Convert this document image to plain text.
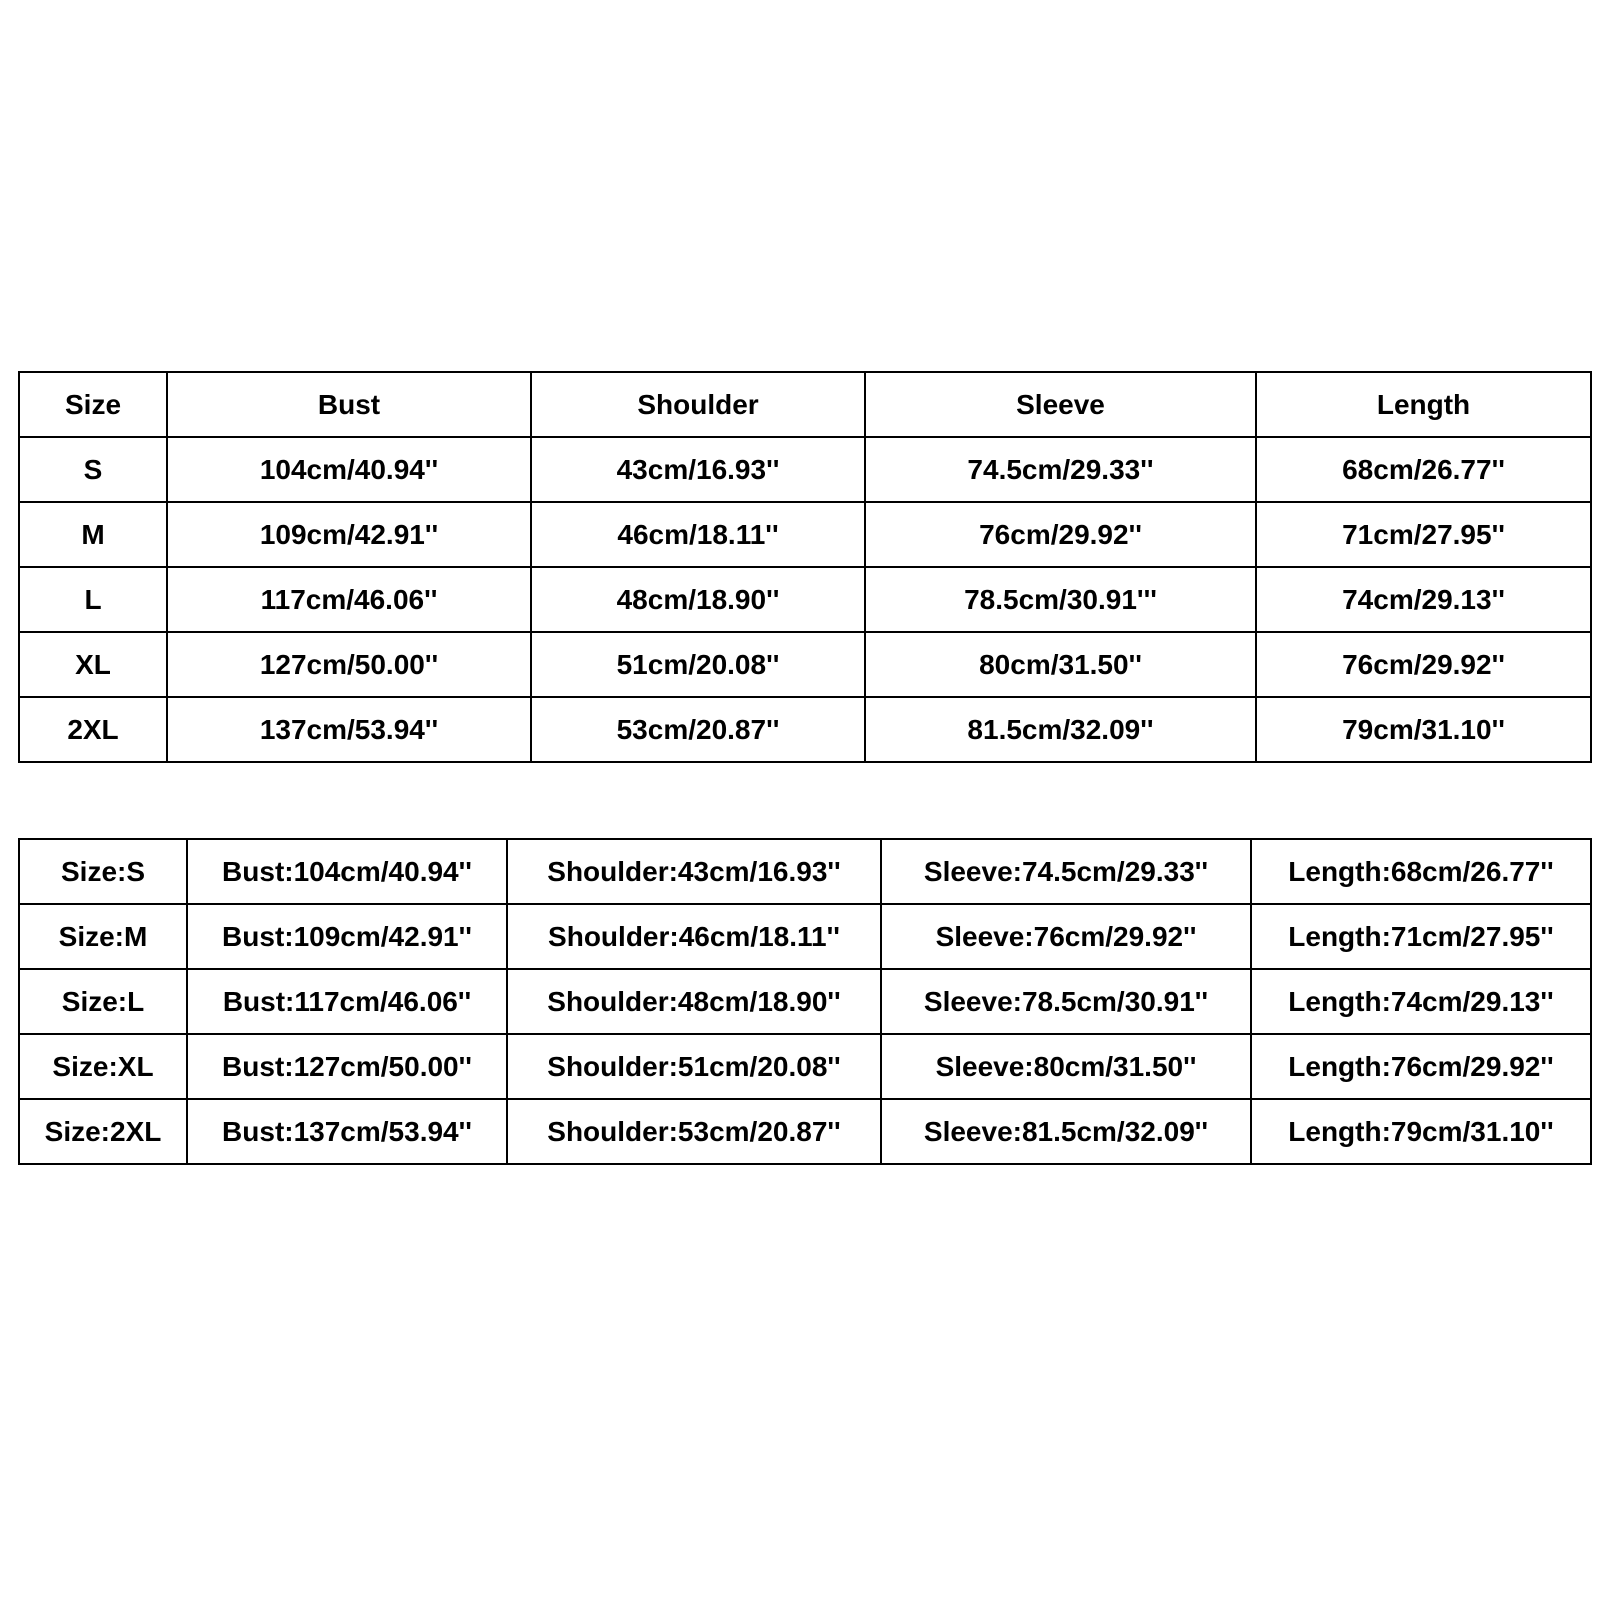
Size	Bust	Shoulder	Sleeve	Length
S	104cm/40.94''	43cm/16.93''	74.5cm/29.33''	68cm/26.77''
M	109cm/42.91''	46cm/18.11''	76cm/29.92''	71cm/27.95''
L	117cm/46.06''	48cm/18.90''	78.5cm/30.91'''	74cm/29.13''
XL	127cm/50.00''	51cm/20.08''	80cm/31.50''	76cm/29.92''
2XL	137cm/53.94''	53cm/20.87''	81.5cm/32.09''	79cm/31.10''
Size:S	Bust:104cm/40.94''	Shoulder:43cm/16.93''	Sleeve:74.5cm/29.33''	Length:68cm/26.77''
Size:M	Bust:109cm/42.91''	Shoulder:46cm/18.11''	Sleeve:76cm/29.92''	Length:71cm/27.95''
Size:L	Bust:117cm/46.06''	Shoulder:48cm/18.90''	Sleeve:78.5cm/30.91''	Length:74cm/29.13''
Size:XL	Bust:127cm/50.00''	Shoulder:51cm/20.08''	Sleeve:80cm/31.50''	Length:76cm/29.92''
Size:2XL	Bust:137cm/53.94''	Shoulder:53cm/20.87''	Sleeve:81.5cm/32.09''	Length:79cm/31.10''
